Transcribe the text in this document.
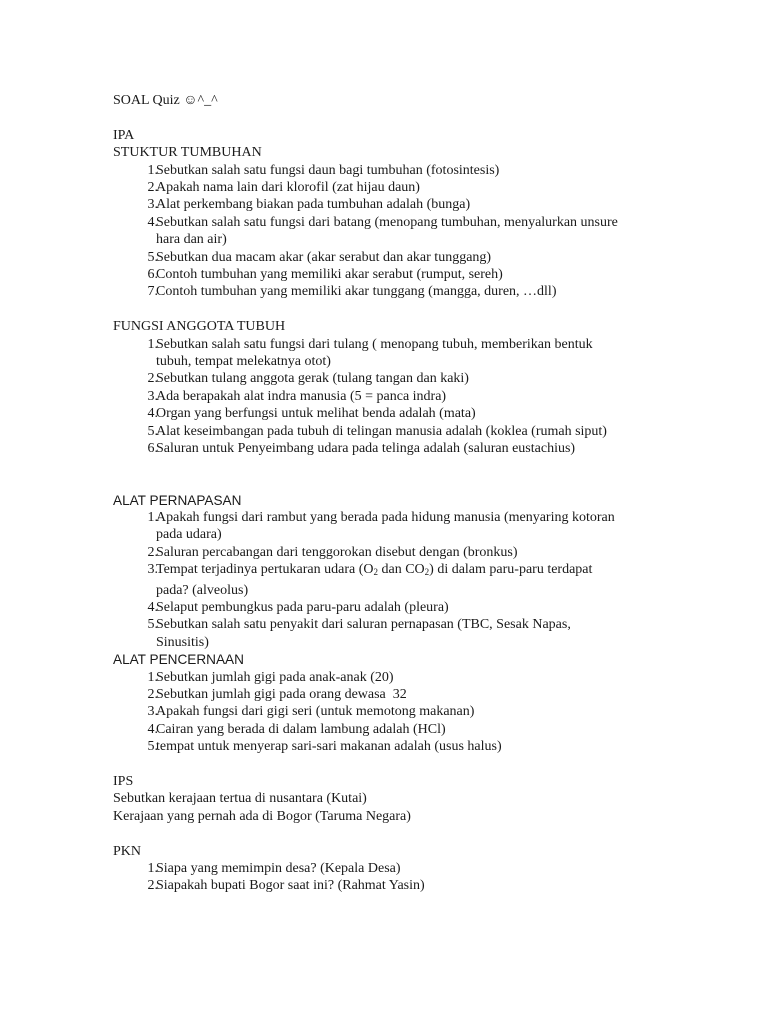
SOAL Quiz ☺^_^

IPA

STUKTUR TUMBUHAN

1.
Sebutkan salah satu fungsi daun bagi tumbuhan (fotosintesis)
2.
Apakah nama lain dari klorofil (zat hijau daun)
3.
Alat perkembang biakan pada tumbuhan adalah (bunga)
4.
Sebutkan salah satu fungsi dari batang (menopang tumbuhan, menyalurkan unsure
hara dan air)
5.
Sebutkan dua macam akar (akar serabut dan akar tunggang)
6.
Contoh tumbuhan yang memiliki akar serabut (rumput, sereh)
7.
Contoh tumbuhan yang memiliki akar tunggang (mangga, duren, …dll)

FUNGSI ANGGOTA TUBUH

1.
Sebutkan salah satu fungsi dari tulang ( menopang tubuh, memberikan bentuk
tubuh, tempat melekatnya otot)
2.
Sebutkan tulang anggota gerak (tulang tangan dan kaki)
3.
Ada berapakah alat indra manusia (5 = panca indra)
4.
Organ yang berfungsi untuk melihat benda adalah (mata)
5.
Alat keseimbangan pada tubuh di telingan manusia adalah (koklea (rumah siput)
6.
Saluran untuk Penyeimbang udara pada telinga adalah (saluran eustachius)

ALAT PERNAPASAN

1.
Apakah fungsi dari rambut yang berada pada hidung manusia (menyaring kotoran
pada udara)
2.
Saluran percabangan dari tenggorokan disebut dengan (bronkus)
3.
Tempat terjadinya pertukaran udara ($O_2$ dan $CO_2$) di dalam paru-paru terdapat
pada? (alveolus)
4.
Selaput pembungkus pada paru-paru adalah (pleura)
5.
Sebutkan salah satu penyakit dari saluran pernapasan (TBC, Sesak Napas,
Sinusitis)

ALAT PENCERNAAN

1.
Sebutkan jumlah gigi pada anak-anak (20)
2.
Sebutkan jumlah gigi pada orang dewasa  32
3.
Apakah fungsi dari gigi seri (untuk memotong makanan)
4.
Cairan yang berada di dalam lambung adalah (HCl)
5.
tempat untuk menyerap sari-sari makanan adalah (usus halus)

IPS

Sebutkan kerajaan tertua di nusantara (Kutai)

Kerajaan yang pernah ada di Bogor (Taruma Negara)

PKN

1.
Siapa yang memimpin desa? (Kepala Desa)
2.
Siapakah bupati Bogor saat ini? (Rahmat Yasin)
